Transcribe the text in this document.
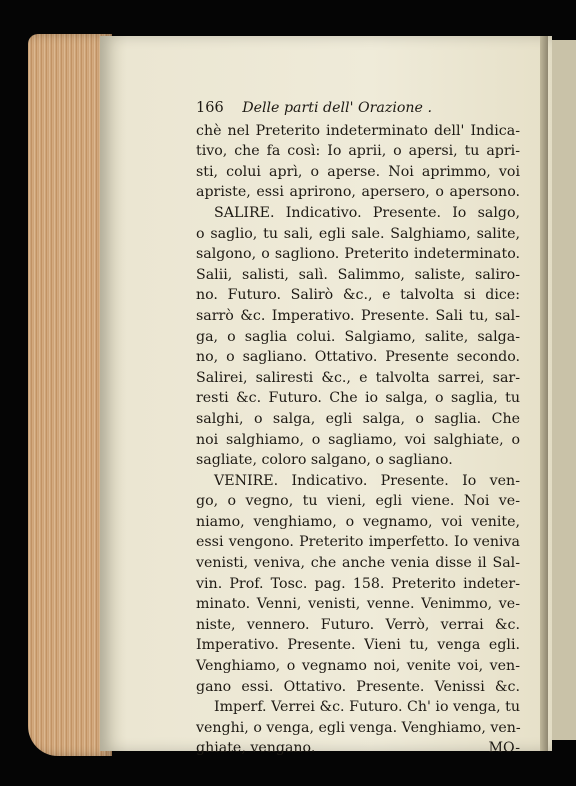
166 Delle parti dell' Orazione .
chè nel Preterito indeterminato dell' Indica-
tivo, che fa così: Io aprii, o apersi, tu apri-
sti, colui aprì, o aperse. Noi aprimmo, voi
apriste, essi aprirono, apersero, o apersono.
SALIRE. Indicativo. Presente. Io salgo,
o saglio, tu sali, egli sale. Salghiamo, salite,
salgono, o sagliono. Preterito indeterminato.
Salii, salisti, salì. Salimmo, saliste, saliro-
no. Futuro. Salirò &c., e talvolta si dice:
sarrò &c. Imperativo. Presente. Sali tu, sal-
ga, o saglia colui. Salgiamo, salite, salga-
no, o sagliano. Ottativo. Presente secondo.
Salirei, saliresti &c., e talvolta sarrei, sar-
resti &c. Futuro. Che io salga, o saglia, tu
salghi, o salga, egli salga, o saglia. Che
noi salghiamo, o sagliamo, voi salghiate, o
sagliate, coloro salgano, o sagliano.
VENIRE. Indicativo. Presente. Io ven-
go, o vegno, tu vieni, egli viene. Noi ve-
niamo, venghiamo, o vegnamo, voi venite,
essi vengono. Preterito imperfetto. Io veniva
venisti, veniva, che anche venia disse il Sal-
vin. Prof. Tosc. pag. 158. Preterito indeter-
minato. Venni, venisti, venne. Venimmo, ve-
niste, vennero. Futuro. Verrò, verrai &c.
Imperativo. Presente. Vieni tu, venga egli.
Venghiamo, o vegnamo noi, venite voi, ven-
gano essi. Ottativo. Presente. Venissi &c.
Imperf. Verrei &c. Futuro. Ch' io venga, tu
venghi, o venga, egli venga. Venghiamo, ven-
ghiate, vengano.	MO-
